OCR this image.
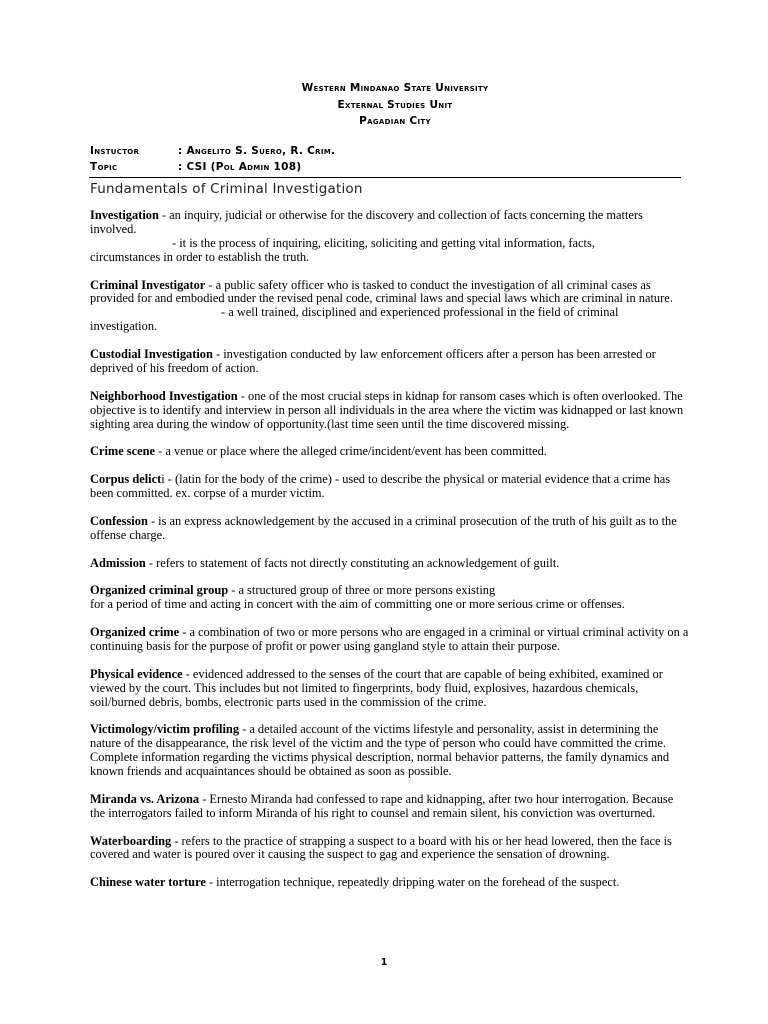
Western Mindanao State University
External Studies Unit
Pagadian City
Instuctor	: Angelito S. Suero, R. Crim.
Topic	: CSI (Pol Admin 108)
Fundamentals of Criminal Investigation
Investigation - an inquiry, judicial or otherwise for the discovery and collection of facts concerning the matters involved.
- it is the process of inquiring, eliciting, soliciting and getting vital information, facts,
circumstances in order to establish the truth.
Criminal Investigator - a public safety officer who is tasked to conduct the investigation of all criminal cases as provided for and embodied under the revised penal code, criminal laws and special laws which are criminal in nature.
- a well trained, disciplined and experienced professional in the field of criminal
investigation.
Custodial Investigation - investigation conducted by law enforcement officers after a person has been arrested or deprived of his freedom of action.
Neighborhood Investigation - one of the most crucial steps in kidnap for ransom cases which is often overlooked. The objective is to identify and interview in person all individuals in the area where the victim was kidnapped or last known sighting area during the window of opportunity.(last time seen until the time discovered missing.
Crime scene - a venue or place where the alleged crime/incident/event has been committed.
Corpus delicti - (latin for the body of the crime) - used to describe the physical or material evidence that a crime has been committed. ex. corpse of a murder victim.
Confession - is an express acknowledgement by the accused in a criminal prosecution of the truth of his guilt as to the offense charge.
Admission - refers to statement of facts not directly constituting an acknowledgement of guilt.
Organized criminal group - a structured group of three or more persons existing
for a period of time and acting in concert with the aim of committing one or more serious crime or offenses.
Organized crime - a combination of two or more persons who are engaged in a criminal or virtual criminal activity on a continuing basis for the purpose of profit or power using gangland style to attain their purpose.
Physical evidence - evidenced addressed to the senses of the court that are capable of being exhibited, examined or viewed by the court. This includes but not limited to fingerprints, body fluid, explosives, hazardous chemicals, soil/burned debris, bombs, electronic parts used in the commission of the crime.
Victimology/victim profiling - a detailed account of the victims lifestyle and personality, assist in determining the nature of the disappearance, the risk level of the victim and the type of person who could have committed the crime. Complete information regarding the victims physical description, normal behavior patterns, the family dynamics and known friends and acquaintances should be obtained as soon as possible.
Miranda vs. Arizona - Ernesto Miranda had confessed to rape and kidnapping, after two hour interrogation. Because the interrogators failed to inform Miranda of his right to counsel and remain silent, his conviction was overturned.
Waterboarding - refers to the practice of strapping a suspect to a board with his or her head lowered, then the face is covered and water is poured over it causing the suspect to gag and experience the sensation of drowning.
Chinese water torture - interrogation technique, repeatedly dripping water on the forehead of the suspect.
1
